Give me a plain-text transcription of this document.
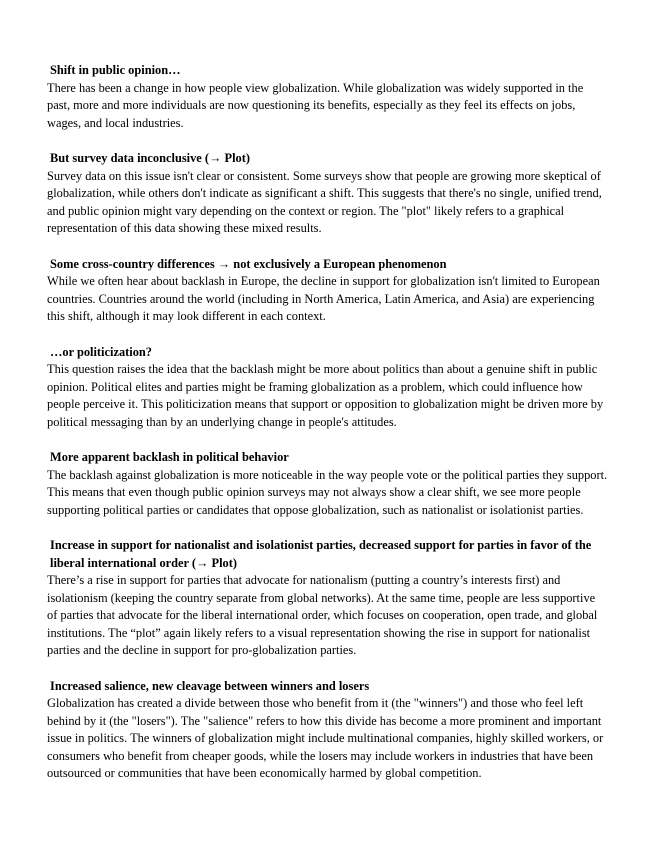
Shift in public opinion…

There has been a change in how people view globalization. While globalization was widely supported in the past, more and more individuals are now questioning its benefits, especially as they feel its effects on jobs, wages, and local industries.

But survey data inconclusive (→ Plot)

Survey data on this issue isn't clear or consistent. Some surveys show that people are growing more skeptical of globalization, while others don't indicate as significant a shift. This suggests that there's no single, unified trend, and public opinion might vary depending on the context or region. The "plot" likely refers to a graphical representation of this data showing these mixed results.

Some cross-country differences → not exclusively a European phenomenon

While we often hear about backlash in Europe, the decline in support for globalization isn't limited to European countries. Countries around the world (including in North America, Latin America, and Asia) are experiencing this shift, although it may look different in each context.

…or politicization?

This question raises the idea that the backlash might be more about politics than about a genuine shift in public opinion. Political elites and parties might be framing globalization as a problem, which could influence how people perceive it. This politicization means that support or opposition to globalization might be driven more by political messaging than by an underlying change in people's attitudes.

More apparent backlash in political behavior

The backlash against globalization is more noticeable in the way people vote or the political parties they support. This means that even though public opinion surveys may not always show a clear shift, we see more people supporting political parties or candidates that oppose globalization, such as nationalist or isolationist parties.

Increase in support for nationalist and isolationist parties, decreased support for parties in favor of the liberal international order (→ Plot)

There’s a rise in support for parties that advocate for nationalism (putting a country’s interests first) and isolationism (keeping the country separate from global networks). At the same time, people are less supportive of parties that advocate for the liberal international order, which focuses on cooperation, open trade, and global institutions. The “plot” again likely refers to a visual representation showing the rise in support for nationalist parties and the decline in support for pro-globalization parties.

Increased salience, new cleavage between winners and losers

Globalization has created a divide between those who benefit from it (the "winners") and those who feel left behind by it (the "losers"). The "salience" refers to how this divide has become a more prominent and important issue in politics. The winners of globalization might include multinational companies, highly skilled workers, or consumers who benefit from cheaper goods, while the losers may include workers in industries that have been outsourced or communities that have been economically harmed by global competition.
